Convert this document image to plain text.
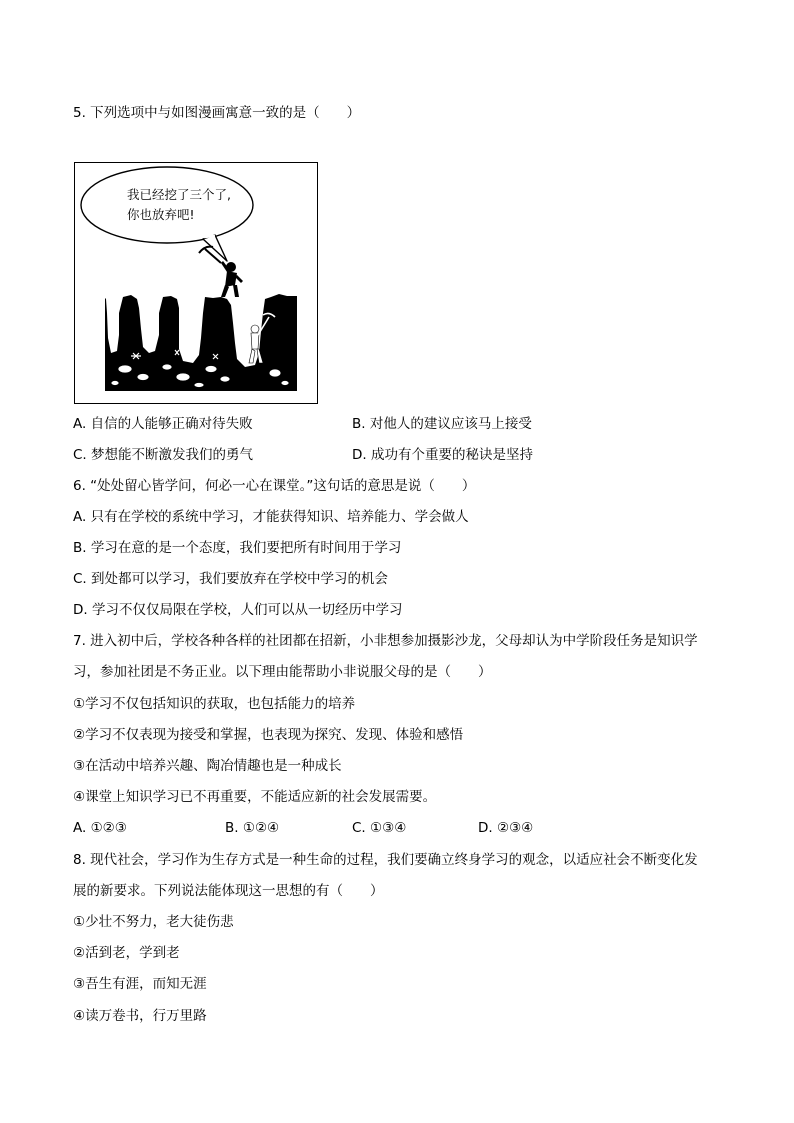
5. 下列选项中与如图漫画寓意一致的是（　　）
我已经挖了三个了,
你也放弃吧!
A. 自信的人能够正确对待失败	B. 对他人的建议应该马上接受
C. 梦想能不断激发我们的勇气	D. 成功有个重要的秘诀是坚持
6. “处处留心皆学问，何必一心在课堂。”这句话的意思是说（　　）
A. 只有在学校的系统中学习，才能获得知识、培养能力、学会做人
B. 学习在意的是一个态度，我们要把所有时间用于学习
C. 到处都可以学习，我们要放弃在学校中学习的机会
D. 学习不仅仅局限在学校，人们可以从一切经历中学习
7. 进入初中后，学校各种各样的社团都在招新，小非想参加摄影沙龙，父母却认为中学阶段任务是知识学
习，参加社团是不务正业。以下理由能帮助小非说服父母的是（　　）
①学习不仅包括知识的获取，也包括能力的培养
②学习不仅表现为接受和掌握，也表现为探究、发现、体验和感悟
③在活动中培养兴趣、陶冶情趣也是一种成长
④课堂上知识学习已不再重要，不能适应新的社会发展需要。
A. ①②③	B. ①②④	C. ①③④	D. ②③④
8. 现代社会，学习作为生存方式是一种生命的过程，我们要确立终身学习的观念，以适应社会不断变化发
展的新要求。下列说法能体现这一思想的有（　　）
①少壮不努力，老大徒伤悲
②活到老，学到老
③吾生有涯，而知无涯
④读万卷书，行万里路
